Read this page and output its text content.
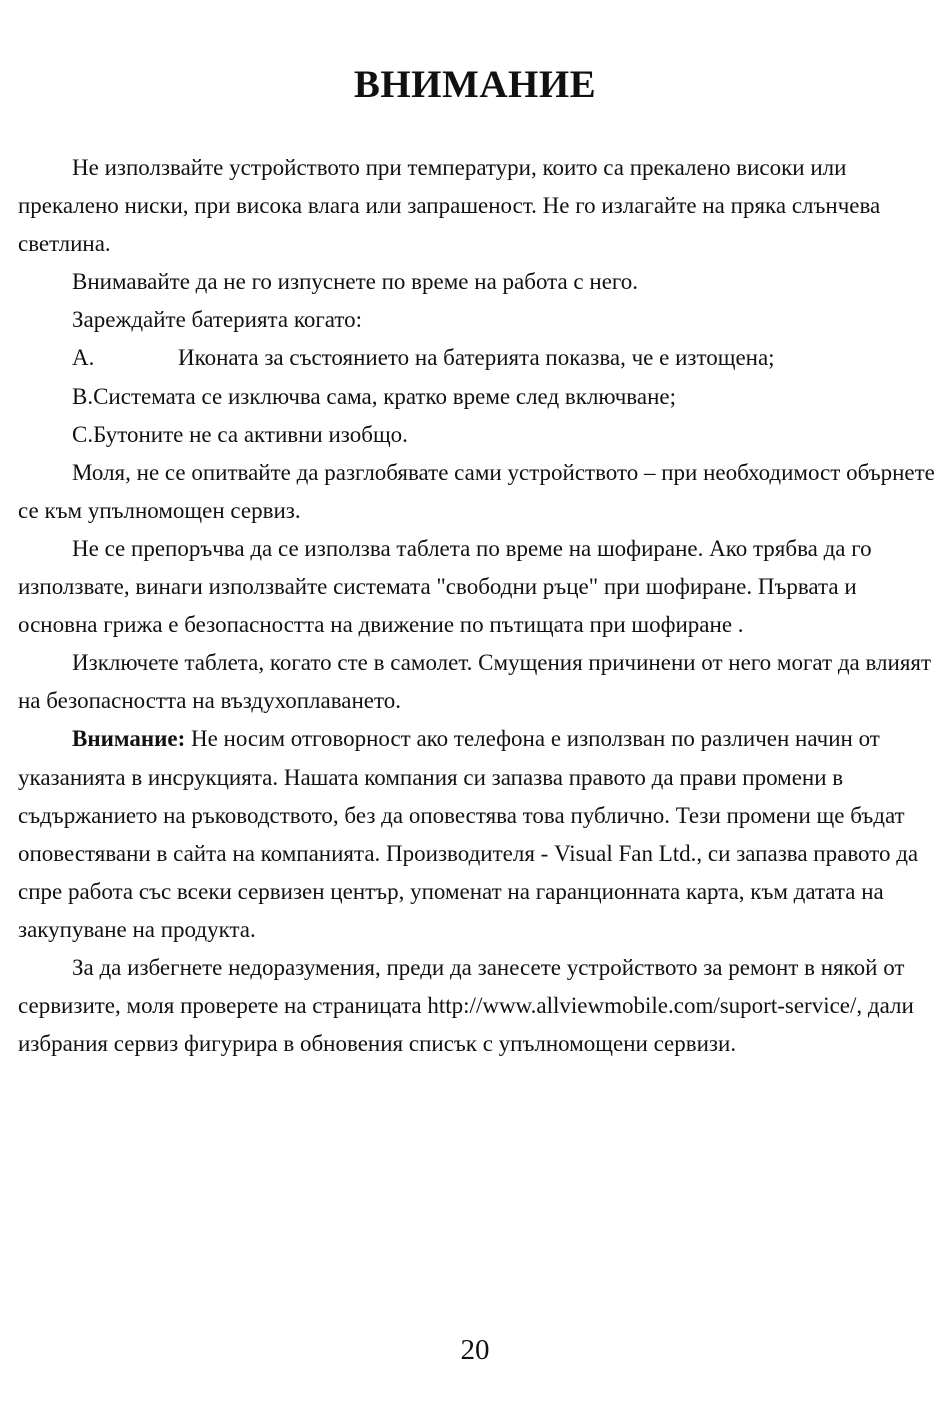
ВНИМАНИЕ

Не използвайте устройството при температури, които са прекалено високи или прекалено ниски, при висока влага или запрашеност. Не го излагайте на пряка слънчева светлина.

Внимавайте да не го изпуснете по време на работа с него.

Зареждайте батерията когато:

A.	Иконата за състоянието на батерията показва, че е изтощена;
B.Системата се изключва сама, кратко време след включване;
C.Бутоните не са активни изобщо.

Моля, не се опитвайте да разглобявате сами устройството – при необходимост обърнете се към упълномощен сервиз.

Не се препоръчва да се използва таблета по време на шофиране. Ако трябва да го използвате, винаги използвайте системата "свободни ръце" при шофиране. Първата и основна грижа е безопасността на движение по пътищата при шофиране .

Изключете таблета, когато сте в самолет. Смущения причинени от него могат да влияят на безопасността на въздухоплаването.

Внимание: Не носим отговорност ако телефона е използван по различен начин от указанията в инсрукцията. Нашата компания си запазва правото да прави промени в съдържанието на ръководството, без да оповестява това публично. Тези промени ще бъдат оповестявани в сайта на компанията. Производителя - Visual Fan Ltd., си запазва правото да спре работа със всеки сервизен център, упоменат на гаранционната карта, към датата на закупуване на продукта.

За да избегнете недоразумения, преди да занесете устройството за ремонт в някой от сервизите, моля проверете на страницата http://www.allviewmobile.com/suport-service/, дали избрания сервиз фигурира в обновения списък с упълномощени сервизи.

20
